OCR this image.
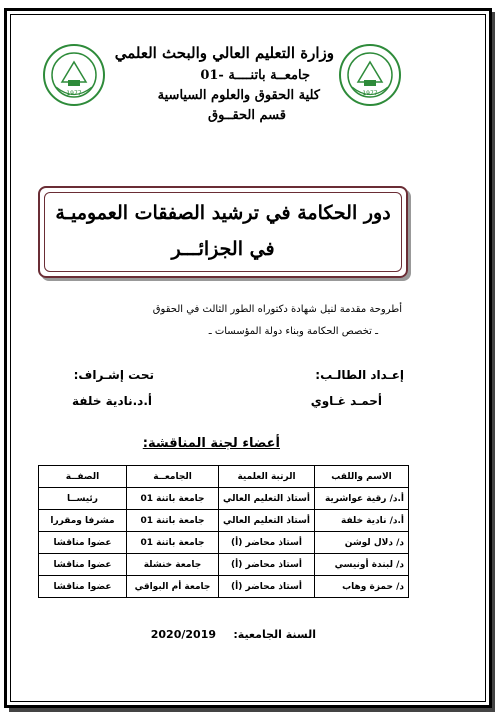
1977	1977
وزارة التعليم العالي والبحث العلمي
جامعــة باتنــــة -01
كلية الحقوق والعلوم السياسية
قسم الحقــوق
دور الحكامة في ترشيد الصفقات العموميـة
في الجزائـــر
أطروحة مقدمة لنيل شهادة دكتوراه الطور الثالث في الحقوق
ـ تخصص الحكامة وبناء دولة المؤسسات ـ
إعـداد الطالـب:
أحمـد غـاوي
تحت إشـراف:
أ.د.نادية خلفة
أعضاء لجنة المناقشة:
الاسم واللقب	الرتبة العلمية	الجامعــة	الصفــة
أ.د/ رقية عواشرية	أستاذ التعليم العالي	جامعة باتنة 01	رئيســا
أ.د/ نادية خلفة	أستاذ التعليم العالي	جامعة باتنة 01	مشرفا ومقررا
د/ دلال لوشن	أستاذ محاضر (أ)	جامعة باتنة 01	عضوا مناقشا
د/ لبندة أونيسي	أستاذ محاضر (أ)	جامعة خنشلة	عضوا مناقشا
د/ حمزة وهاب	أستاذ محاضر (أ)	جامعة أم البواقي	عضوا مناقشا
السنة الجامعية:
2020/2019
